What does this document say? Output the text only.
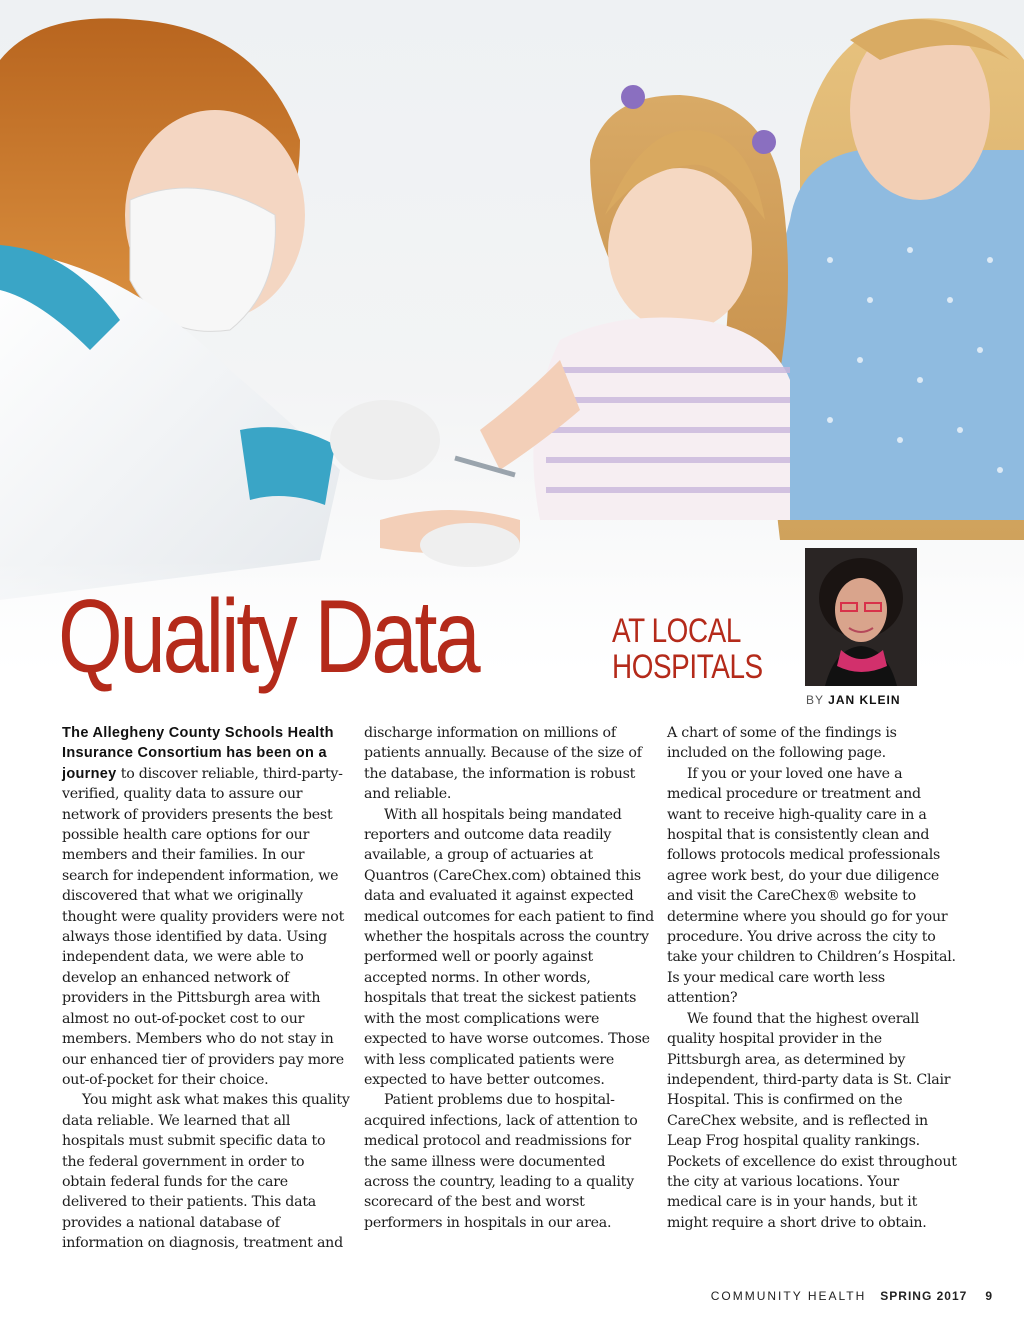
Quality Data	AT LOCAL
HOSPITALS

BY JAN KLEIN

The Allegheny County Schools Health Insurance Consortium has been on a journey to discover reliable, third-party-verified, quality data to assure our network of providers presents the best possible health care options for our members and their families. In our search for independent information, we discovered that what we originally thought were quality providers were not always those identified by data. Using independent data, we were able to develop an enhanced network of providers in the Pittsburgh area with almost no out-of-pocket cost to our members. Members who do not stay in our enhanced tier of providers pay more out-of-pocket for their choice.

You might ask what makes this quality data reliable. We learned that all hospitals must submit specific data to the federal government in order to obtain federal funds for the care delivered to their patients. This data provides a national database of information on diagnosis, treatment and

discharge information on millions of patients annually. Because of the size of the database, the information is robust and reliable.

With all hospitals being mandated reporters and outcome data readily available, a group of actuaries at Quantros (CareChex.com) obtained this data and evaluated it against expected medical outcomes for each patient to find whether the hospitals across the country performed well or poorly against accepted norms. In other words, hospitals that treat the sickest patients with the most complications were expected to have worse outcomes. Those with less complicated patients were expected to have better outcomes.

Patient problems due to hospital-acquired infections, lack of attention to medical protocol and readmissions for the same illness were documented across the country, leading to a quality scorecard of the best and worst performers in hospitals in our area.

A chart of some of the findings is included on the following page.

If you or your loved one have a medical procedure or treatment and want to receive high-quality care in a hospital that is consistently clean and follows protocols medical professionals agree work best, do your due diligence and visit the CareChex® website to determine where you should go for your procedure. You drive across the city to take your children to Children’s Hospital. Is your medical care worth less attention?

We found that the highest overall quality hospital provider in the Pittsburgh area, as determined by independent, third-party data is St. Clair Hospital. This is confirmed on the CareChex website, and is reflected in Leap Frog hospital quality rankings. Pockets of excellence do exist throughout the city at various locations. Your medical care is in your hands, but it might require a short drive to obtain.

COMMUNITY HEALTH SPRING 2017 9
